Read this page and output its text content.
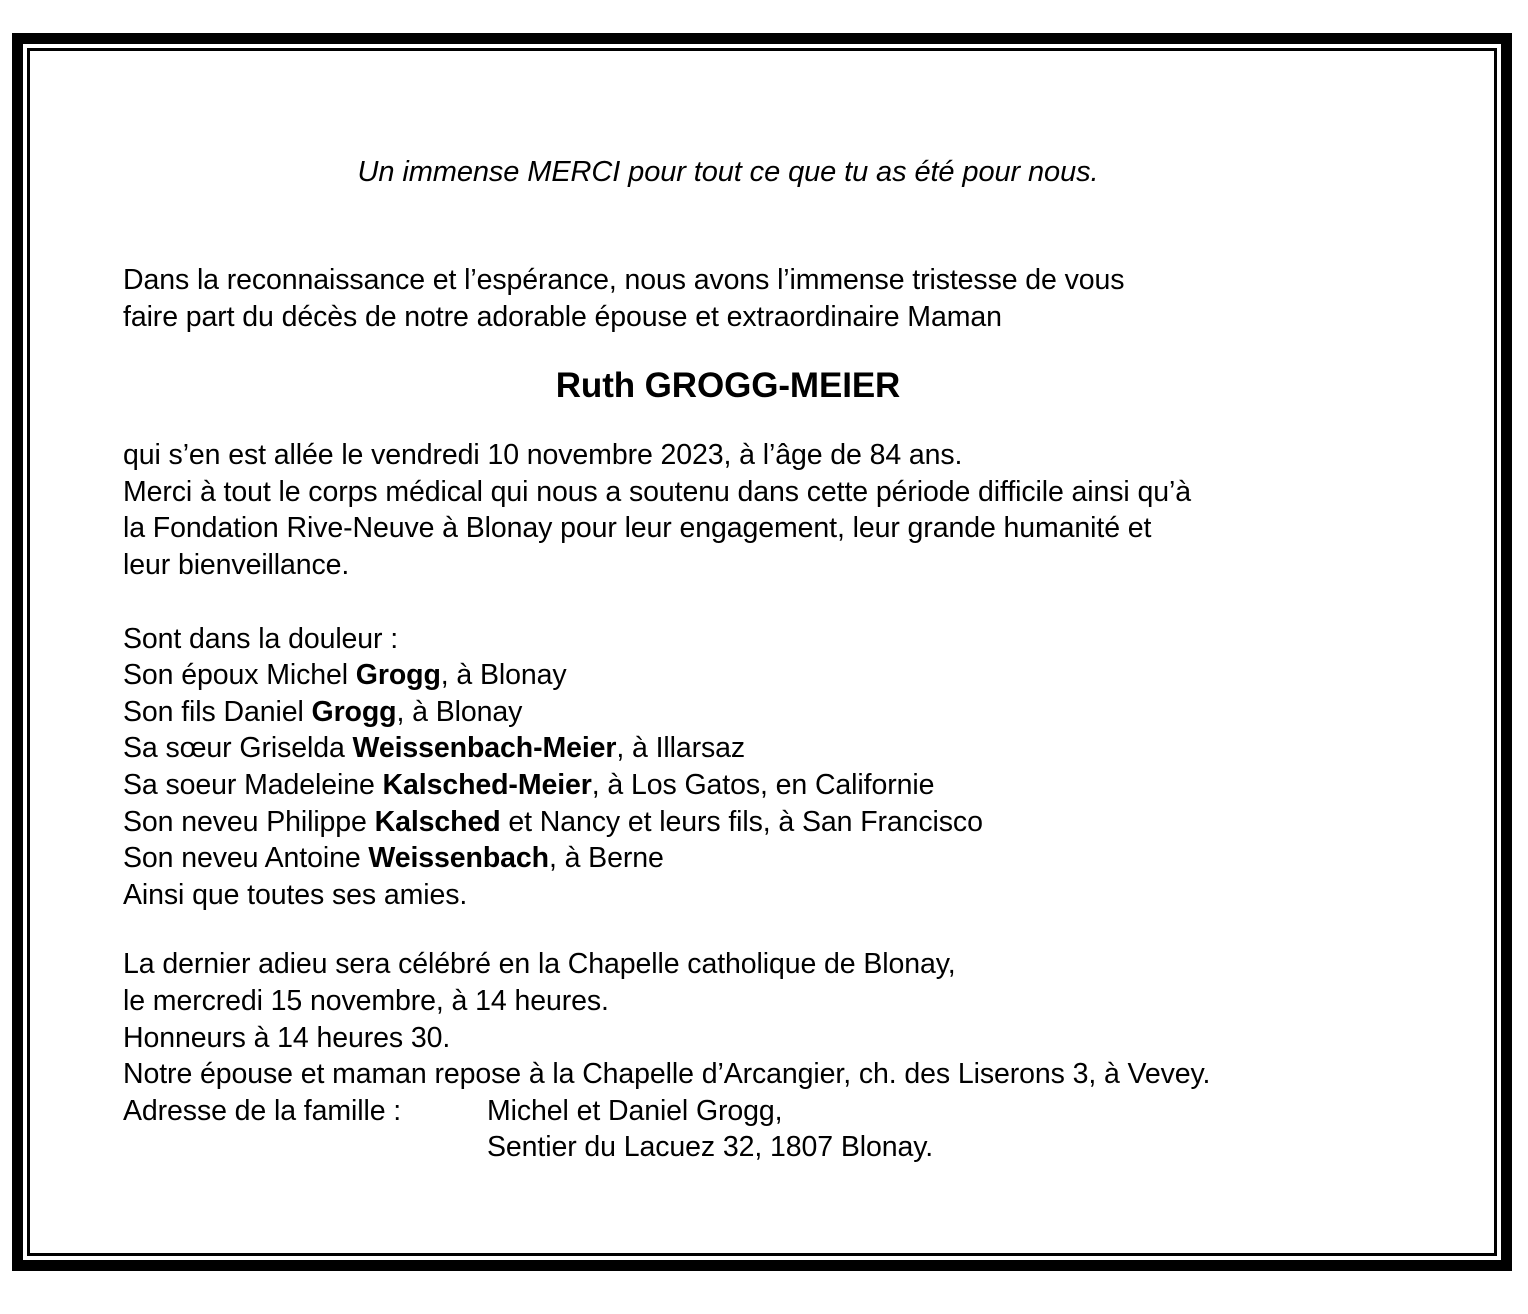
Un immense MERCI pour tout ce que tu as été pour nous.
Dans la reconnaissance et l’espérance, nous avons l’immense tristesse de vous
faire part du décès de notre adorable épouse et extraordinaire Maman
Ruth GROGG-MEIER
qui s’en est allée le vendredi 10 novembre 2023, à l’âge de 84 ans.
Merci à tout le corps médical qui nous a soutenu dans cette période difficile ainsi qu’à
la Fondation Rive-Neuve à Blonay pour leur engagement, leur grande humanité et
leur bienveillance.
Sont dans la douleur :
Son époux Michel Grogg, à Blonay
Son fils Daniel Grogg, à Blonay
Sa sœur Griselda Weissenbach-Meier, à Illarsaz
Sa soeur Madeleine Kalsched-Meier, à Los Gatos, en Californie
Son neveu Philippe Kalsched et Nancy et leurs fils, à San Francisco
Son neveu Antoine Weissenbach, à Berne
Ainsi que toutes ses amies.
La dernier adieu sera célébré en la Chapelle catholique de Blonay,
le mercredi 15 novembre, à 14 heures.
Honneurs à 14 heures 30.
Notre épouse et maman repose à la Chapelle d’Arcangier, ch. des Liserons 3, à Vevey.
Adresse de la famille :	Michel et Daniel Grogg,
Sentier du Lacuez 32, 1807 Blonay.
